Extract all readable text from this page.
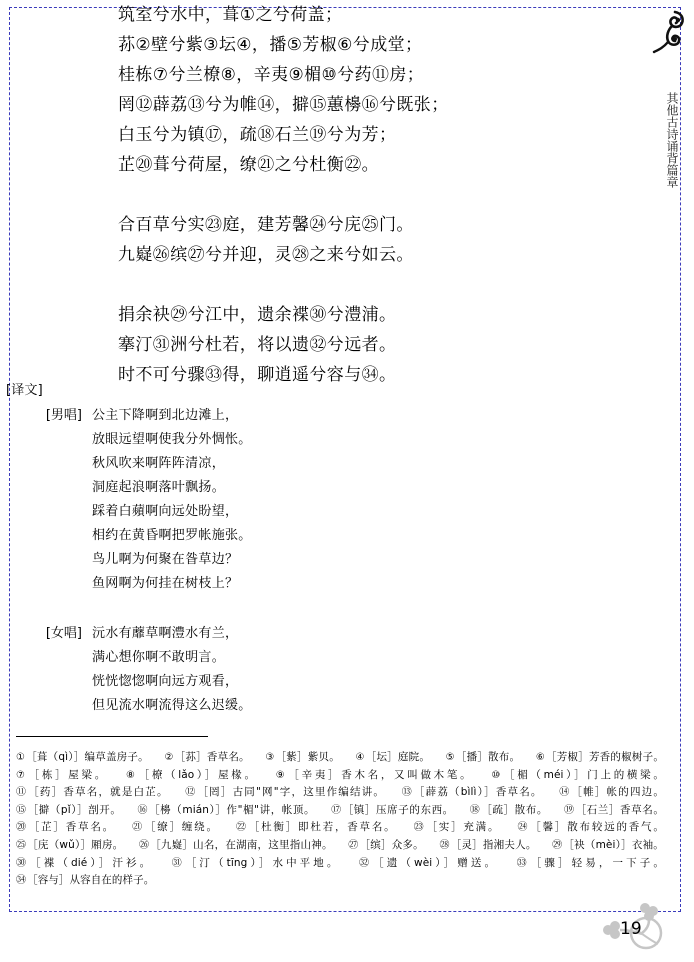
筑室兮水中，葺①之兮荷盖；
荪②壁兮紫③坛④，播⑤芳椒⑥兮成堂；
桂栋⑦兮兰橑⑧，辛夷⑨楣⑩兮药⑪房；
罔⑫薜荔⑬兮为帷⑭，擗⑮蕙櫋⑯兮既张；
白玉兮为镇⑰，疏⑱石兰⑲兮为芳；
芷⑳葺兮荷屋，缭㉑之兮杜衡㉒。
合百草兮实㉓庭，建芳馨㉔兮庑㉕门。
九嶷㉖缤㉗兮并迎，灵㉘之来兮如云。
捐余袂㉙兮江中，遗余褋㉚兮澧浦。
搴汀㉛洲兮杜若，将以遗㉜兮远者。
时不可兮骤㉝得，聊逍遥兮容与㉞。
[译文]
[男唱] 公主下降啊到北边滩上，
放眼远望啊使我分外惆怅。
秋风吹来啊阵阵清凉，
洞庭起浪啊落叶飘扬。
踩着白蘋啊向远处盼望，
相约在黄昏啊把罗帐施张。
鸟儿啊为何聚在昝草边？
鱼网啊为何挂在树枝上？
[女唱] 沅水有蘼草啊澧水有兰，
满心想你啊不敢明言。
恍恍惚惚啊向远方观看，
但见流水啊流得这么迟缓。
①［葺（qì）］编草盖房子。 ②［荪］香草名。 ③［紫］紫贝。 ④［坛］庭院。 ⑤［播］散布。 ⑥［芳椒］芳香的椒树子。 ⑦［栋］屋梁。 ⑧［橑（lǎo）］屋椽。 ⑨［辛夷］香木名，又叫做木笔。 ⑩［楣（méi）］门上的横梁。 ⑪［药］香草名，就是白芷。 ⑫［罔］古同"网"字，这里作编结讲。 ⑬［薜荔（bìlì）］香草名。 ⑭［帷］帐的四边。 ⑮［擗（pǐ）］剖开。 ⑯［櫋（mián）］作"楣"讲，帐顶。 ⑰［镇］压席子的东西。 ⑱［疏］散布。 ⑲［石兰］香草名。 ⑳［芷］香草名。 ㉑［缭］缠绕。 ㉒［杜衡］即杜若，香草名。 ㉓［实］充满。 ㉔［馨］散布较远的香气。 ㉕［庑（wǔ）］厢房。 ㉖［九嶷］山名，在湖南，这里指山神。 ㉗［缤］众多。 ㉘［灵］指湘夫人。 ㉙［袂（mèi）］衣袖。 ㉚［褋（dié）］汗衫。 ㉛［汀（tīng）］水中平地。 ㉜［遗（wèi）］赠送。 ㉝［骤］轻易，一下子。 ㉞［容与］从容自在的样子。
其他古诗诵背篇章
19
